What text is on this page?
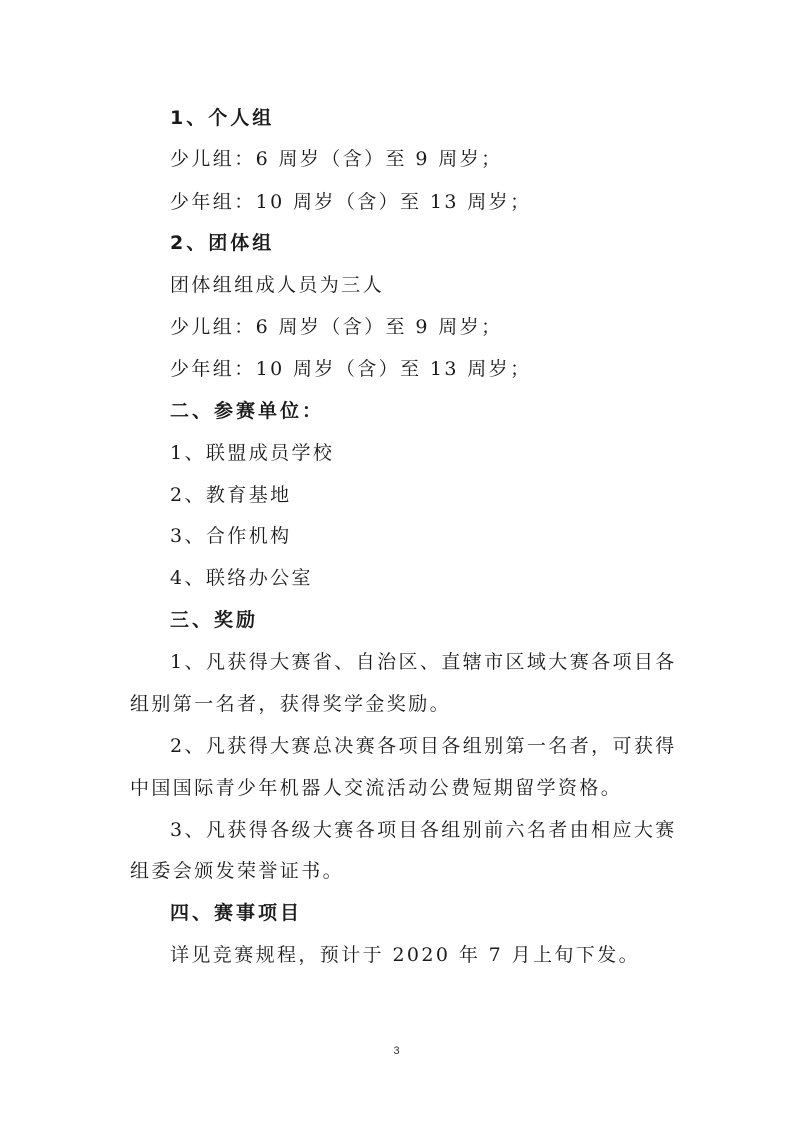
1、个人组
少儿组：6 周岁（含）至 9 周岁；
少年组：10 周岁（含）至 13 周岁；
2、团体组
团体组组成人员为三人
少儿组：6 周岁（含）至 9 周岁；
少年组：10 周岁（含）至 13 周岁；
二、参赛单位：
1、联盟成员学校
2、教育基地
3、合作机构
4、联络办公室
三、奖励
1、凡获得大赛省、自治区、直辖市区域大赛各项目各
组别第一名者，获得奖学金奖励。
2、凡获得大赛总决赛各项目各组别第一名者，可获得
中国国际青少年机器人交流活动公费短期留学资格。
3、凡获得各级大赛各项目各组别前六名者由相应大赛
组委会颁发荣誉证书。
四、赛事项目
详见竞赛规程，预计于 2020 年 7 月上旬下发。
3
